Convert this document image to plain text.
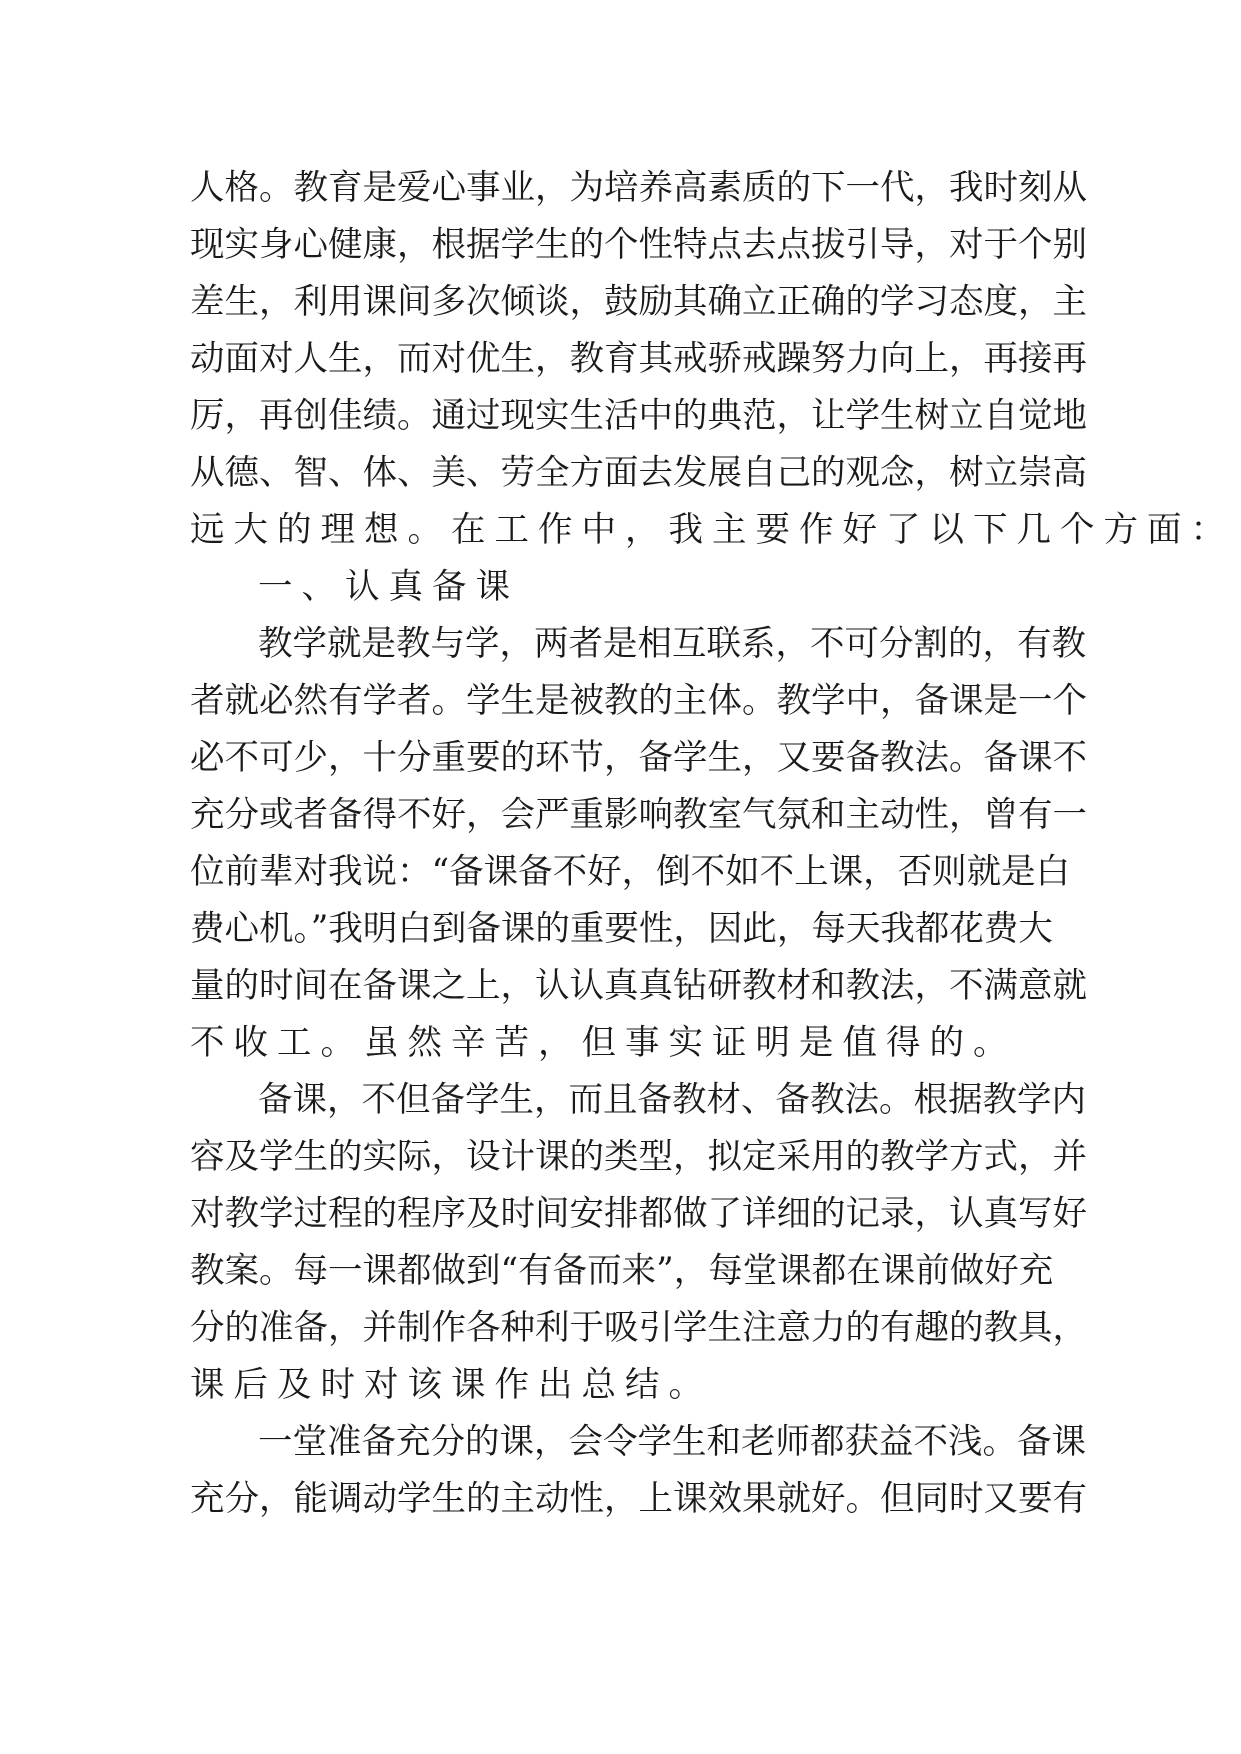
人格。教育是爱心事业，为培养高素质的下一代，我时刻从
现实身心健康，根据学生的个性特点去点拔引导，对于个别
差生，利用课间多次倾谈，鼓励其确立正确的学习态度，主
动面对人生，而对优生，教育其戒骄戒躁努力向上，再接再
厉，再创佳绩。通过现实生活中的典范，让学生树立自觉地
从德、智、体、美、劳全方面去发展自己的观念，树立崇高
远大的理想。在工作中，我主要作好了以下几个方面：
一、认真备课
教学就是教与学，两者是相互联系，不可分割的，有教
者就必然有学者。学生是被教的主体。教学中，备课是一个
必不可少，十分重要的环节，备学生，又要备教法。备课不
充分或者备得不好，会严重影响教室气氛和主动性，曾有一
位前辈对我说：“备课备不好，倒不如不上课，否则就是白
费心机。”我明白到备课的重要性，因此，每天我都花费大
量的时间在备课之上，认认真真钻研教材和教法，不满意就
不收工。虽然辛苦，但事实证明是值得的。
备课，不但备学生，而且备教材、备教法。根据教学内
容及学生的实际，设计课的类型，拟定采用的教学方式，并
对教学过程的程序及时间安排都做了详细的记录，认真写好
教案。每一课都做到“有备而来”，每堂课都在课前做好充
分的准备，并制作各种利于吸引学生注意力的有趣的教具，
课后及时对该课作出总结。
一堂准备充分的课，会令学生和老师都获益不浅。备课
充分，能调动学生的主动性，上课效果就好。但同时又要有
